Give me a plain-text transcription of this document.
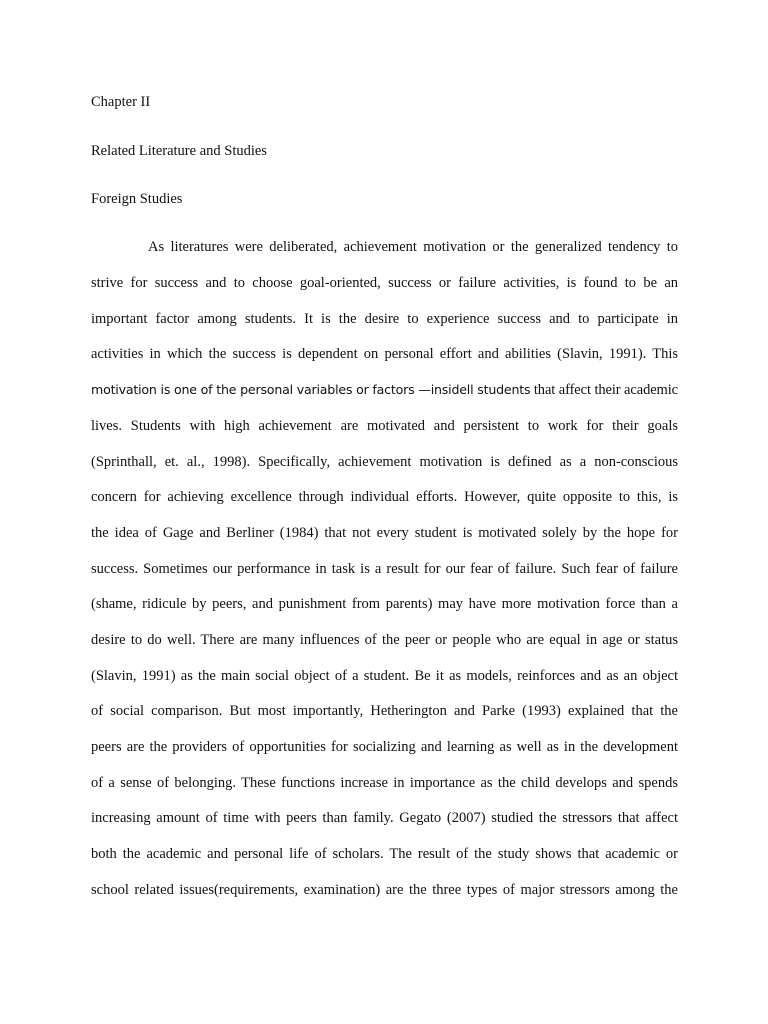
Chapter II
Related Literature and Studies
Foreign Studies
As literatures were deliberated, achievement motivation or the generalized tendency to
strive for success and to choose goal-oriented, success or failure activities, is found to be an
important factor among students. It is the desire to experience success and to participate in
activities in which the success is dependent on personal effort and abilities (Slavin, 1991). This
motivation is one of the personal variables or factors —insidell students that affect their academic
lives. Students with high achievement are motivated and persistent to work for their goals
(Sprinthall, et. al., 1998). Specifically, achievement motivation is defined as a non-conscious
concern for achieving excellence through individual efforts. However, quite opposite to this, is
the idea of Gage and Berliner (1984) that not every student is motivated solely by the hope for
success. Sometimes our performance in task is a result for our fear of failure. Such fear of failure
(shame, ridicule by peers, and punishment from parents) may have more motivation force than a
desire to do well. There are many influences of the peer or people who are equal in age or status
(Slavin, 1991) as the main social object of a student. Be it as models, reinforces and as an object
of social comparison. But most importantly, Hetherington and Parke (1993) explained that the
peers are the providers of opportunities for socializing and learning as well as in the development
of a sense of belonging. These functions increase in importance as the child develops and spends
increasing amount of time with peers than family. Gegato (2007) studied the stressors that affect
both the academic and personal life of scholars. The result of the study shows that academic or
school related issues(requirements, examination) are the three types of major stressors among the
